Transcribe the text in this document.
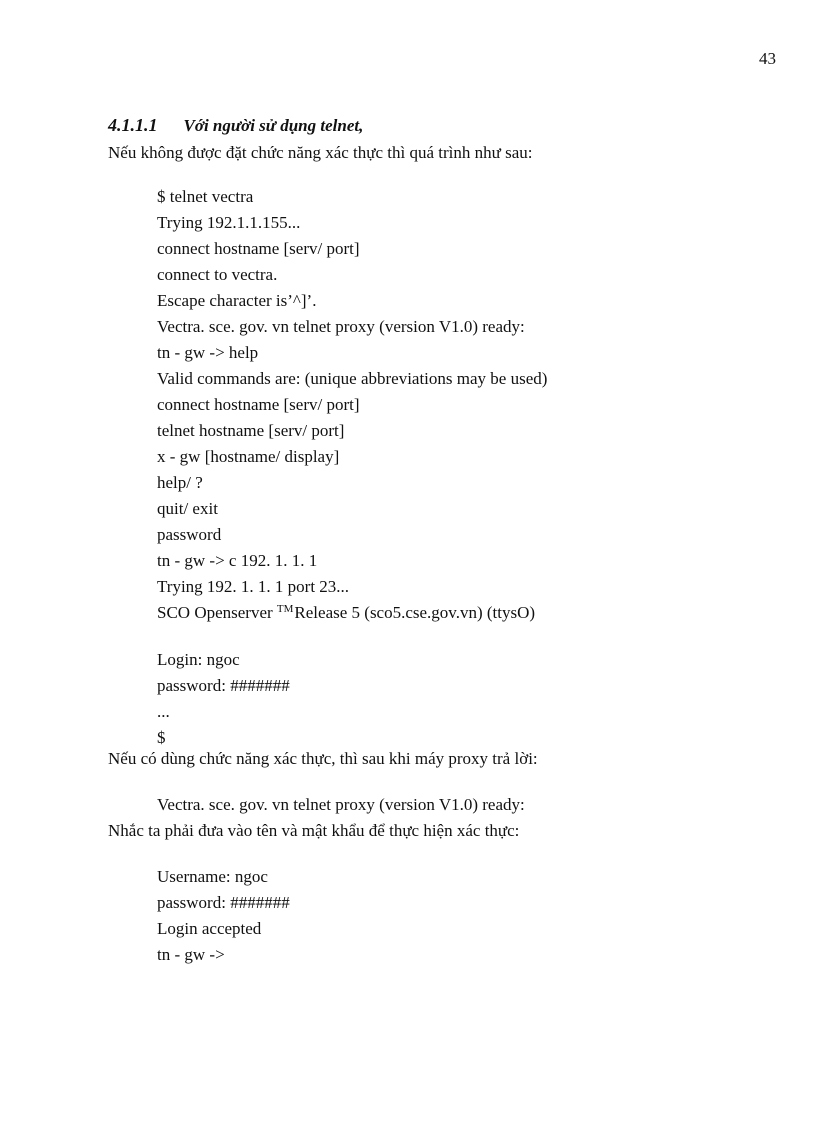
43
4.1.1.1 Với người sử dụng telnet,
Nếu không được đặt chức năng xác thực thì quá trình như sau:
$ telnet vectra
Trying 192.1.1.155...
connect hostname [serv/ port]
connect to vectra.
Escape character is’^]’.
Vectra. sce. gov. vn telnet proxy (version V1.0) ready:
tn - gw -> help
Valid commands are: (unique abbreviations may be used)
connect hostname [serv/ port]
telnet hostname [serv/ port]
x - gw [hostname/ display]
help/ ?
quit/ exit
password
tn - gw -> c 192. 1. 1. 1
Trying 192. 1. 1. 1 port 23...
SCO Openserver ™Release 5 (sco5.cse.gov.vn) (ttysO)
Login: ngoc
password: #######
...
$
Nếu có dùng chức năng xác thực, thì sau khi máy proxy trả lời:
Vectra. sce. gov. vn telnet proxy (version V1.0) ready:
Nhắc ta phải đưa vào tên và mật khẩu để thực hiện xác thực:
Username: ngoc
password: #######
Login accepted
tn - gw ->
